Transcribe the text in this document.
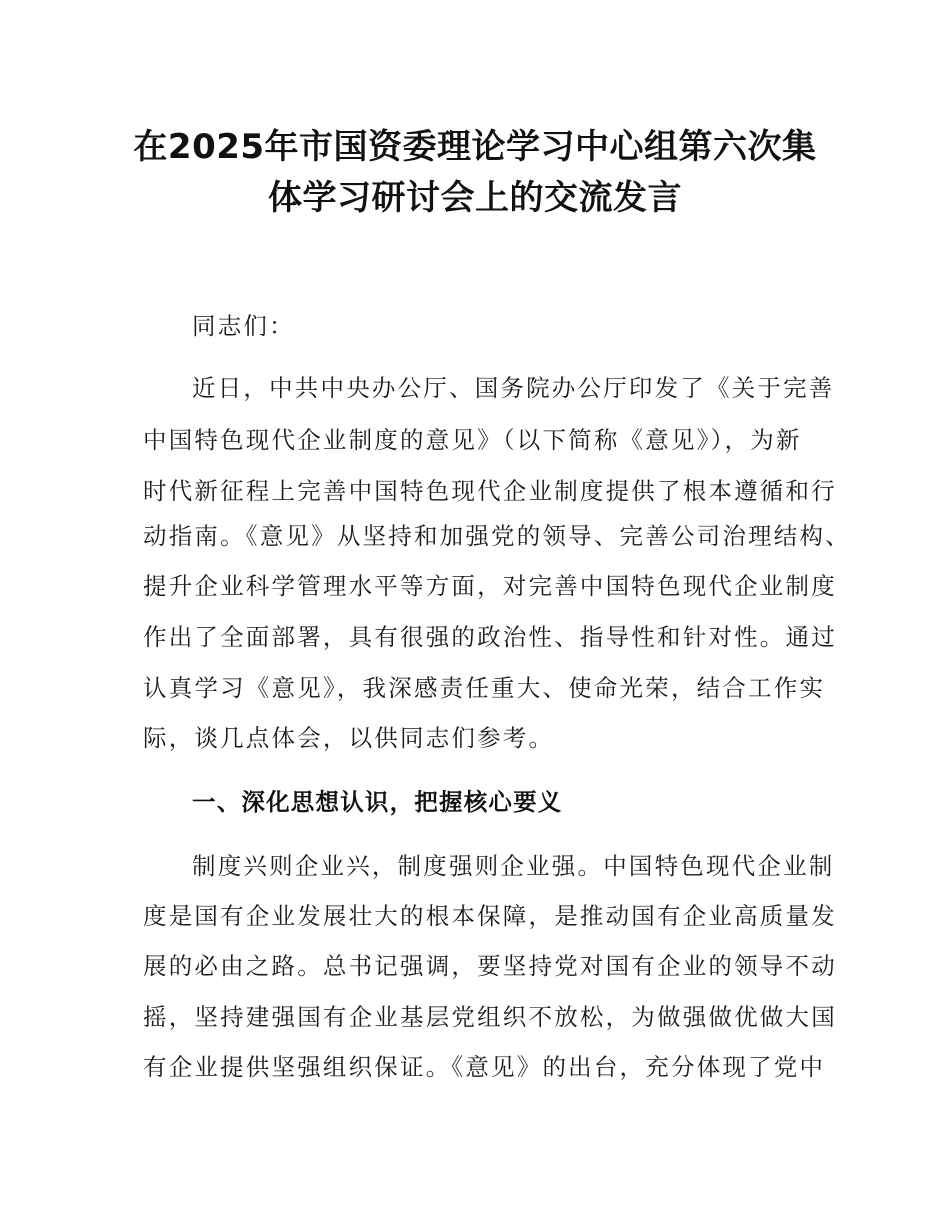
在2025年市国资委理论学习中心组第六次集
体学习研讨会上的交流发言
同志们：
近日，中共中央办公厅、国务院办公厅印发了《关于完善
中国特色现代企业制度的意见》（以下简称《意见》），为新
时代新征程上完善中国特色现代企业制度提供了根本遵循和行
动指南。《意见》从坚持和加强党的领导、完善公司治理结构、
提升企业科学管理水平等方面，对完善中国特色现代企业制度
作出了全面部署，具有很强的政治性、指导性和针对性。通过
认真学习《意见》，我深感责任重大、使命光荣，结合工作实
际，谈几点体会，以供同志们参考。
一、深化思想认识，把握核心要义
制度兴则企业兴，制度强则企业强。中国特色现代企业制
度是国有企业发展壮大的根本保障，是推动国有企业高质量发
展的必由之路。总书记强调，要坚持党对国有企业的领导不动
摇，坚持建强国有企业基层党组织不放松，为做强做优做大国
有企业提供坚强组织保证。《意见》的出台，充分体现了党中
